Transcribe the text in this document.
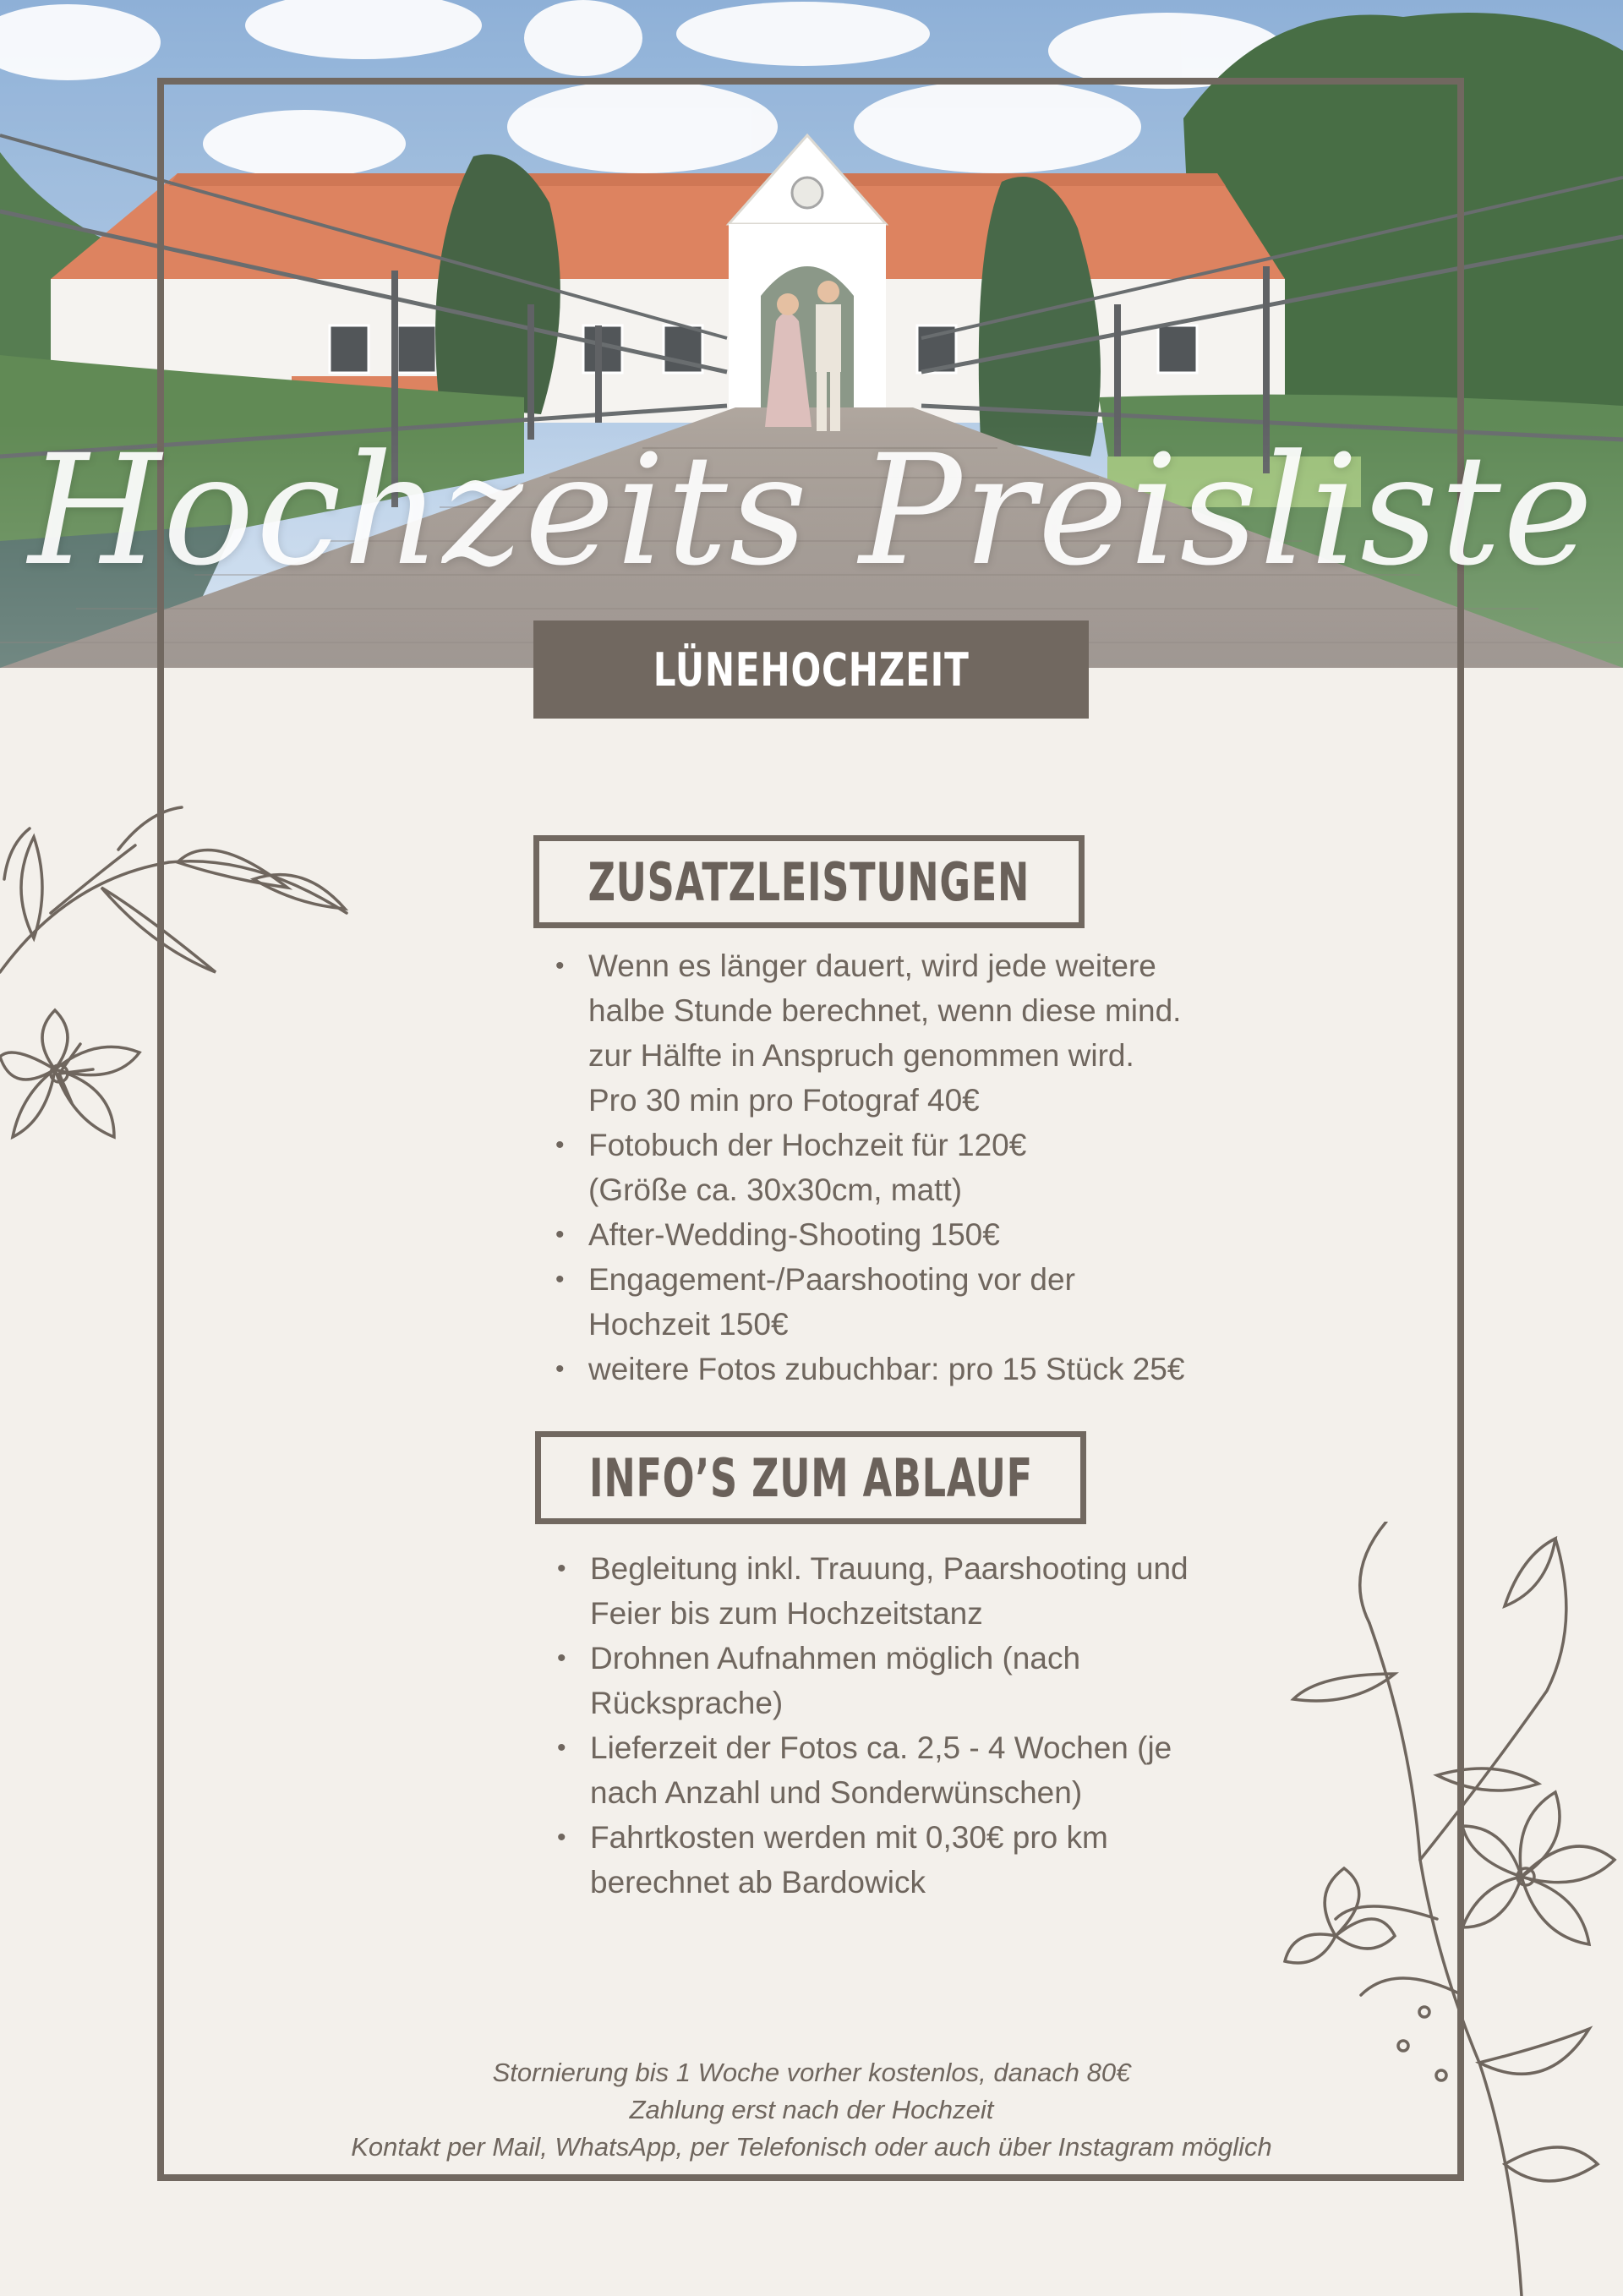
Hochzeits Preisliste
LÜNEHOCHZEIT
ZUSATZLEISTUNGEN
• Wenn es länger dauert, wird jede weitere
halbe Stunde berechnet, wenn diese mind.
zur Hälfte in Anspruch genommen wird.
Pro 30 min pro Fotograf 40€
• Fotobuch der Hochzeit für 120€
(Größe ca. 30x30cm, matt)
• After-Wedding-Shooting 150€
• Engagement-/Paarshooting vor der
Hochzeit 150€
• weitere Fotos zubuchbar: pro 15 Stück 25€
INFO’S ZUM ABLAUF
• Begleitung inkl. Trauung, Paarshooting und
Feier bis zum Hochzeitstanz
• Drohnen Aufnahmen möglich (nach
Rücksprache)
• Lieferzeit der Fotos ca. 2,5 - 4 Wochen (je
nach Anzahl und Sonderwünschen)
• Fahrtkosten werden mit 0,30€ pro km
berechnet ab Bardowick
Stornierung bis 1 Woche vorher kostenlos, danach 80€
Zahlung erst nach der Hochzeit
Kontakt per Mail, WhatsApp, per Telefonisch oder auch über Instagram möglich
